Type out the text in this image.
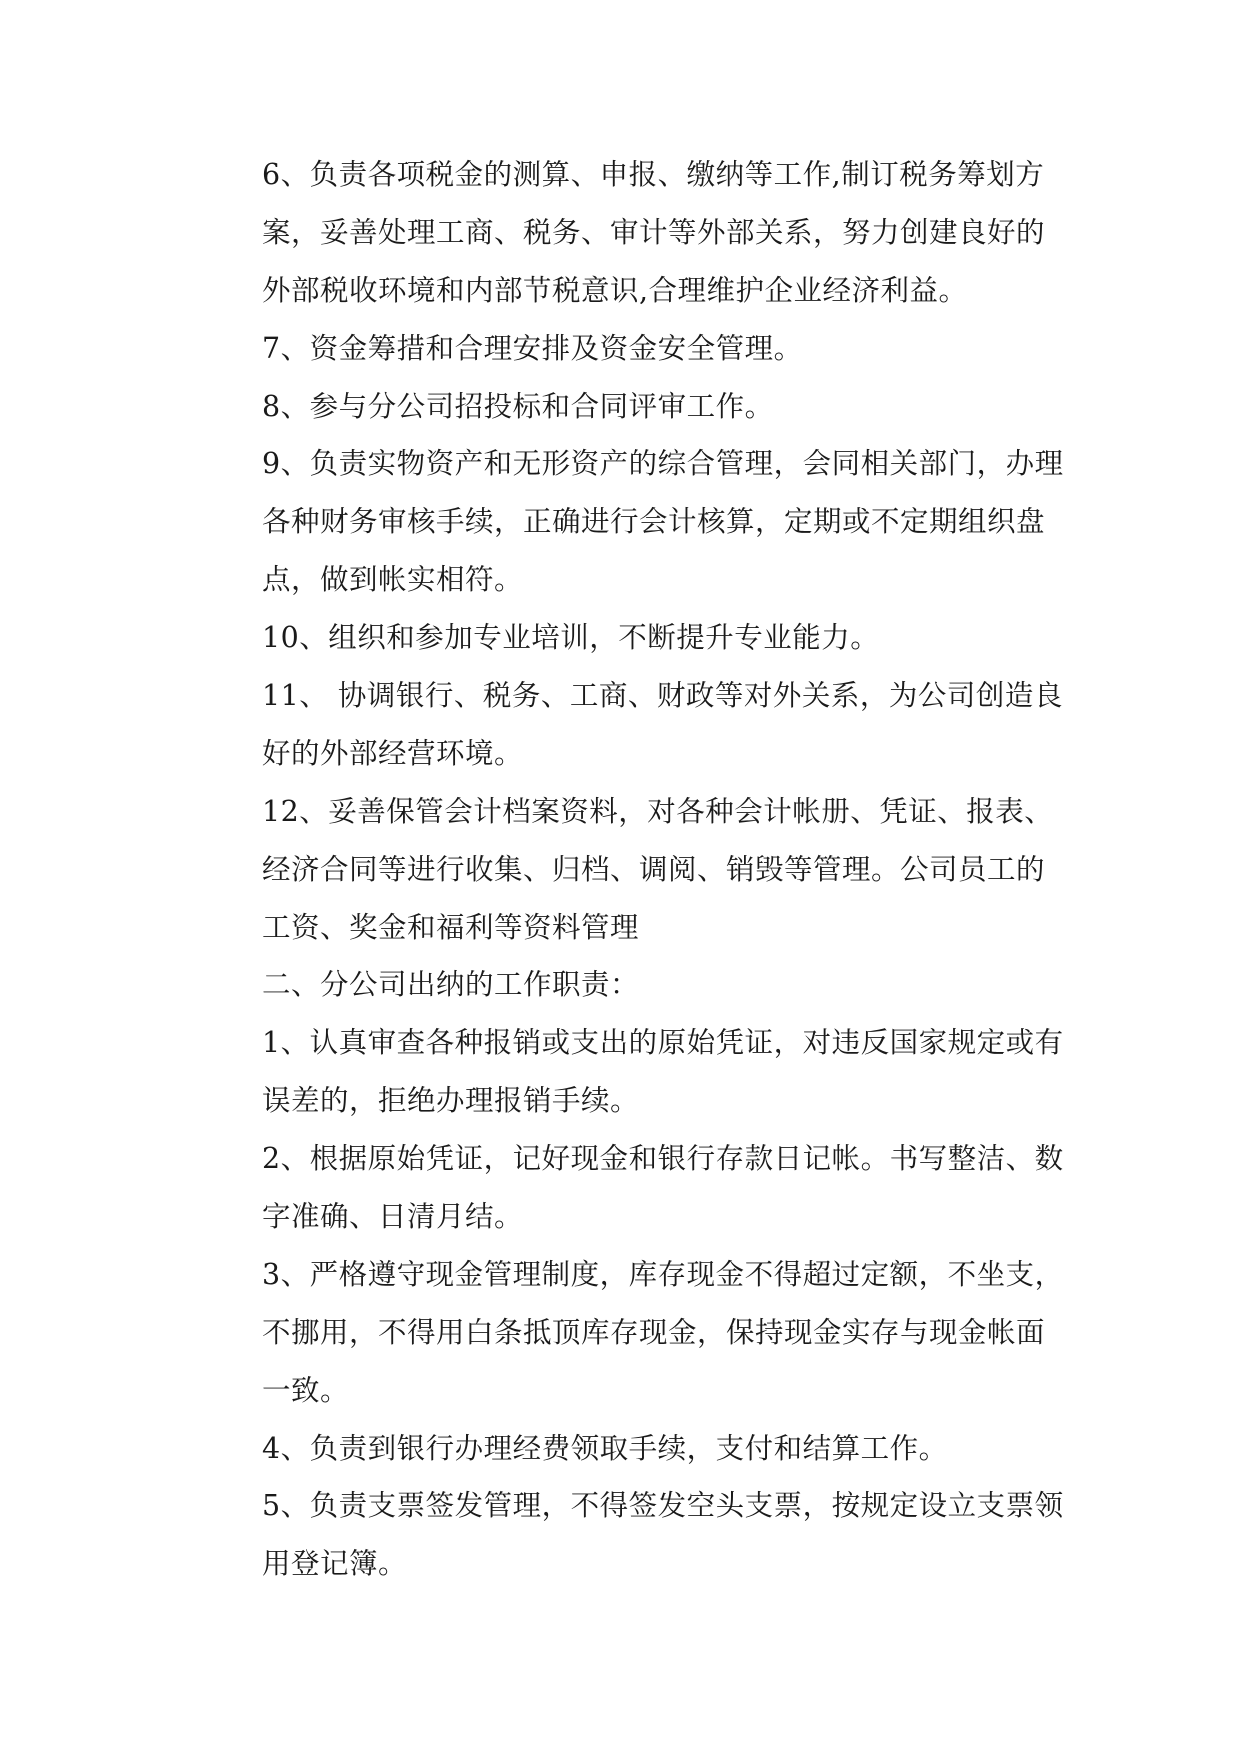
6、负责各项税金的测算、申报、缴纳等工作,制订税务筹划方
案，妥善处理工商、税务、审计等外部关系，努力创建良好的
外部税收环境和内部节税意识,合理维护企业经济利益。
7、资金筹措和合理安排及资金安全管理。
8、参与分公司招投标和合同评审工作。
9、负责实物资产和无形资产的综合管理，会同相关部门，办理
各种财务审核手续，正确进行会计核算，定期或不定期组织盘
点，做到帐实相符。
10、组织和参加专业培训，不断提升专业能力。
11、 协调银行、税务、工商、财政等对外关系，为公司创造良
好的外部经营环境。
12、妥善保管会计档案资料，对各种会计帐册、凭证、报表、
经济合同等进行收集、归档、调阅、销毁等管理。公司员工的
工资、奖金和福利等资料管理
二、分公司出纳的工作职责：
1、认真审查各种报销或支出的原始凭证，对违反国家规定或有
误差的，拒绝办理报销手续。
2、根据原始凭证，记好现金和银行存款日记帐。书写整洁、数
字准确、日清月结。
3、严格遵守现金管理制度，库存现金不得超过定额，不坐支，
不挪用，不得用白条抵顶库存现金，保持现金实存与现金帐面
一致。
4、负责到银行办理经费领取手续，支付和结算工作。
5、负责支票签发管理，不得签发空头支票，按规定设立支票领
用登记簿。
